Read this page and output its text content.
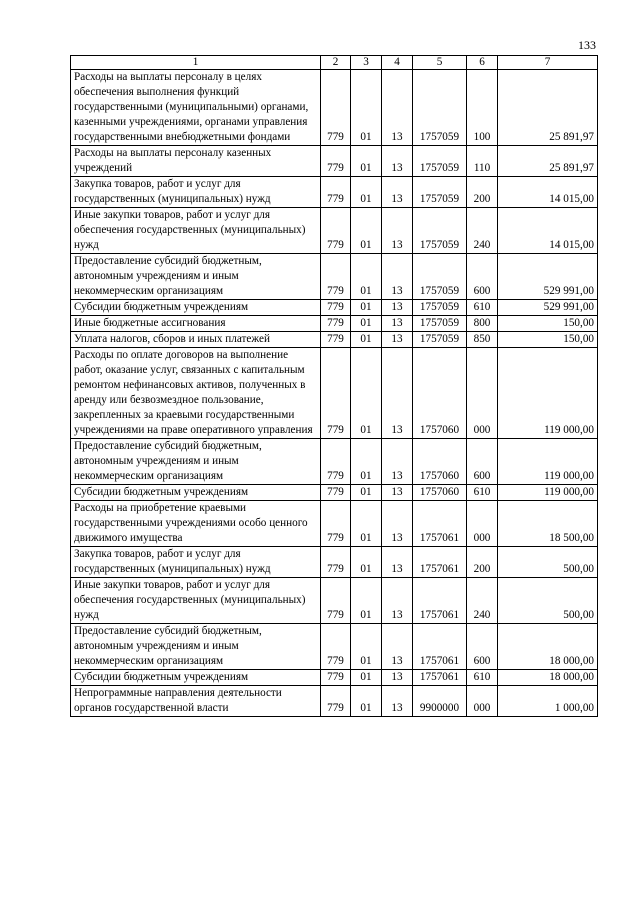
133
1	2	3	4	5	6	7
Расходы на выплаты персоналу в целях обеспечения выполнения функций государственными (муниципальными) органами, казенными учреждениями, органами управления государственными внебюджетными фондами	779	01	13	1757059	100	25 891,97
Расходы на выплаты персоналу казенных учреждений	779	01	13	1757059	110	25 891,97
Закупка товаров, работ и услуг для государственных (муниципальных) нужд	779	01	13	1757059	200	14 015,00
Иные закупки товаров, работ и услуг для обеспечения государственных (муниципальных) нужд	779	01	13	1757059	240	14 015,00
Предоставление субсидий бюджетным, автономным учреждениям и иным некоммерческим организациям	779	01	13	1757059	600	529 991,00
Субсидии бюджетным учреждениям	779	01	13	1757059	610	529 991,00
Иные бюджетные ассигнования	779	01	13	1757059	800	150,00
Уплата налогов, сборов и иных платежей	779	01	13	1757059	850	150,00
Расходы по оплате договоров на выполнение работ, оказание услуг, связанных с капитальным ремонтом нефинансовых активов, полученных в аренду или безвозмездное пользование, закрепленных за краевыми государственными учреждениями на праве оперативного управления	779	01	13	1757060	000	119 000,00
Предоставление субсидий бюджетным, автономным учреждениям и иным некоммерческим организациям	779	01	13	1757060	600	119 000,00
Субсидии бюджетным учреждениям	779	01	13	1757060	610	119 000,00
Расходы на приобретение краевыми государственными учреждениями особо ценного движимого имущества	779	01	13	1757061	000	18 500,00
Закупка товаров, работ и услуг для государственных (муниципальных) нужд	779	01	13	1757061	200	500,00
Иные закупки товаров, работ и услуг для обеспечения государственных (муниципальных) нужд	779	01	13	1757061	240	500,00
Предоставление субсидий бюджетным, автономным учреждениям и иным некоммерческим организациям	779	01	13	1757061	600	18 000,00
Субсидии бюджетным учреждениям	779	01	13	1757061	610	18 000,00
Непрограммные направления деятельности органов государственной власти	779	01	13	9900000	000	1 000,00
